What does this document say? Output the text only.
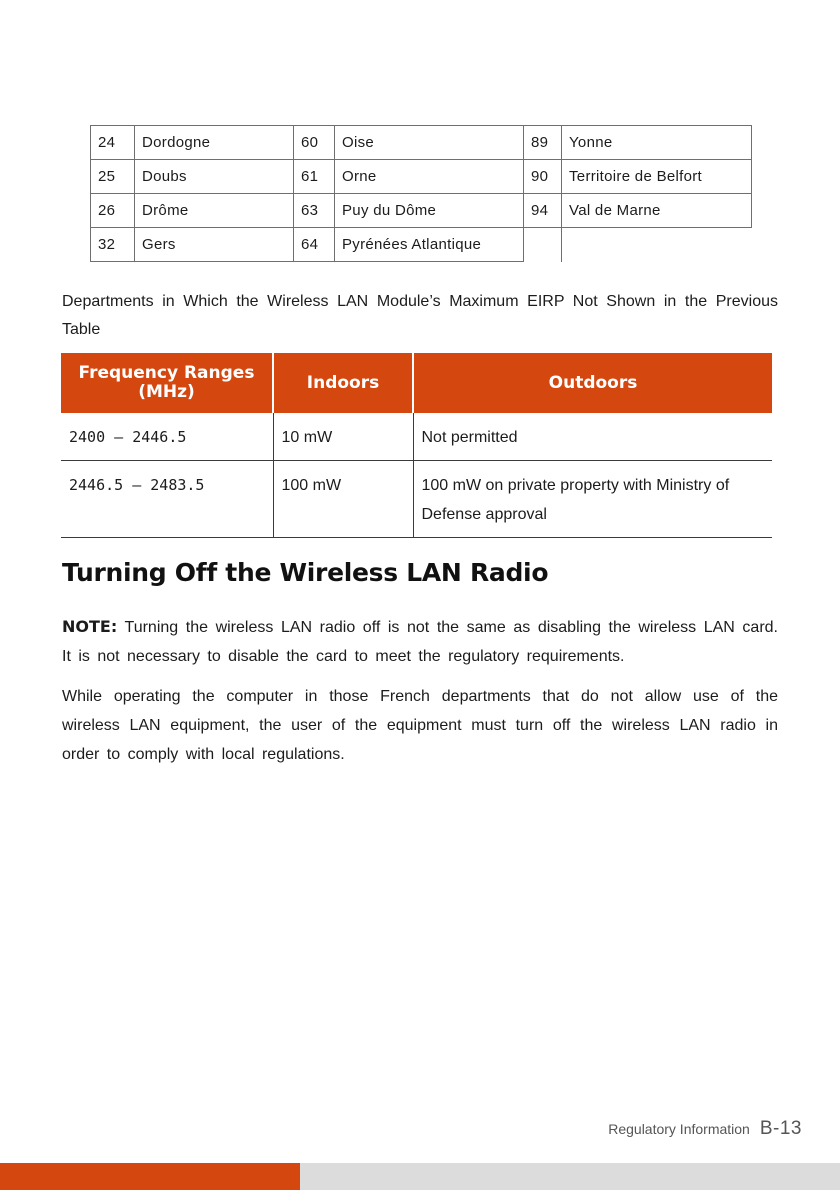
24	Dordogne	60	Oise	89	Yonne
25	Doubs	61	Orne	90	Territoire de Belfort
26	Drôme	63	Puy du Dôme	94	Val de Marne
32	Gers	64	Pyrénées Atlantique		

Departments in Which the Wireless LAN Module’s Maximum EIRP Not Shown in the Previous Table

Frequency Ranges
(MHz)	Indoors	Outdoors
2400 – 2446.5	10 mW	Not permitted
2446.5 – 2483.5	100 mW	100 mW on private property with Ministry of Defense approval
Turning Off the Wireless LAN Radio

NOTE: Turning the wireless LAN radio off is not the same as disabling the wireless LAN card. It is not necessary to disable the card to meet the regulatory requirements.

While operating the computer in those French departments that do not allow use of the wireless LAN equipment, the user of the equipment must turn off the wireless LAN radio in order to comply with local regulations.

Regulatory Information B-13
